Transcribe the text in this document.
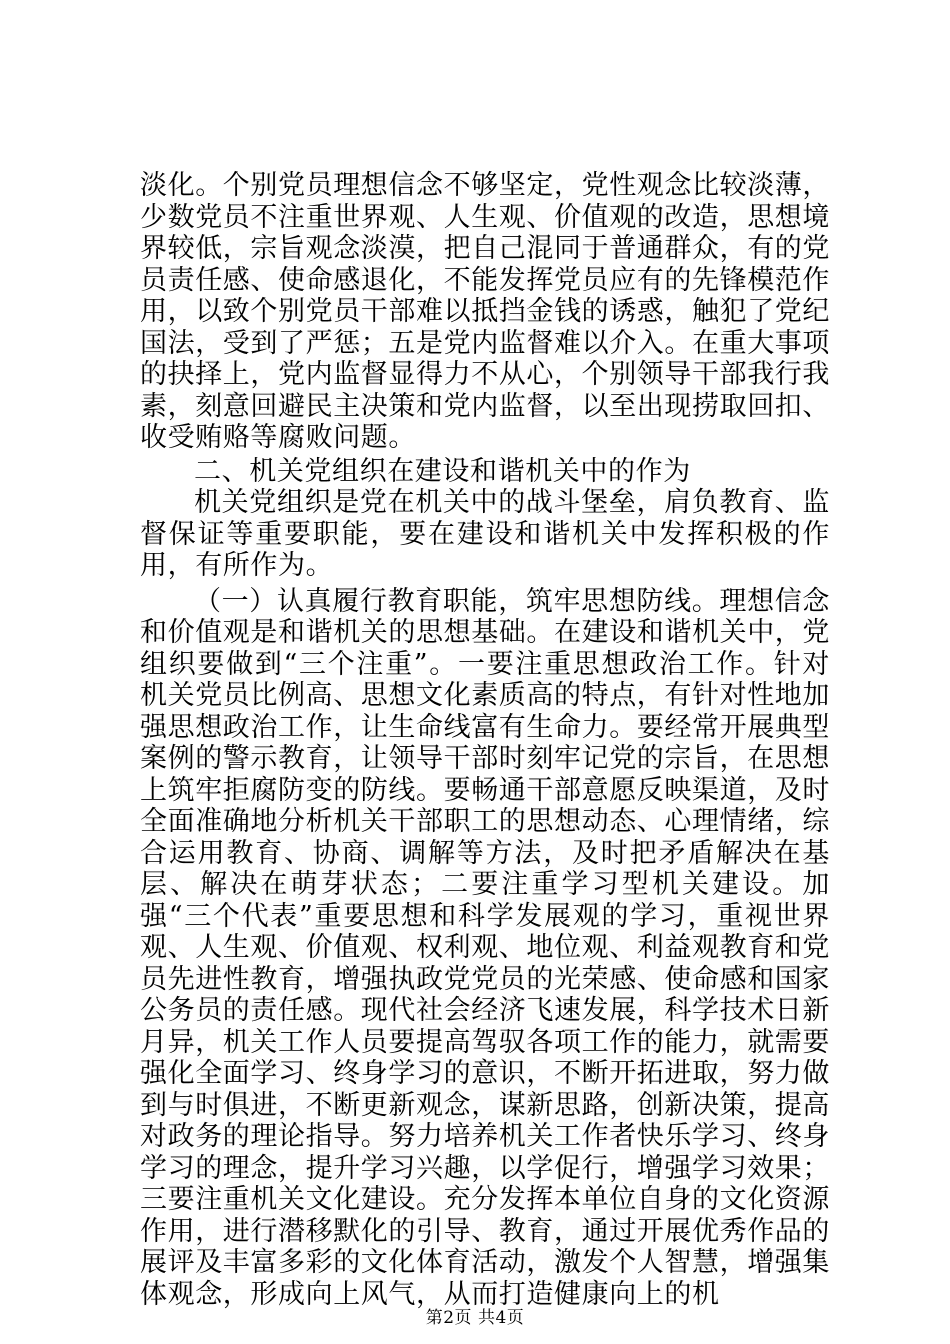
淡化。个别党员理想信念不够坚定，党性观念比较淡薄，少数党员不注重世界观、人生观、价值观的改造，思想境界较低，宗旨观念淡漠，把自己混同于普通群众，有的党员责任感、使命感退化，不能发挥党员应有的先锋模范作用，以致个别党员干部难以抵挡金钱的诱惑，触犯了党纪国法，受到了严惩；五是党内监督难以介入。在重大事项的抉择上，党内监督显得力不从心，个别领导干部我行我素，刻意回避民主决策和党内监督，以至出现捞取回扣、收受贿赂等腐败问题。

二、机关党组织在建设和谐机关中的作为

机关党组织是党在机关中的战斗堡垒，肩负教育、监督保证等重要职能，要在建设和谐机关中发挥积极的作用，有所作为。

（一）认真履行教育职能，筑牢思想防线。理想信念和价值观是和谐机关的思想基础。在建设和谐机关中，党组织要做到“三个注重”。一要注重思想政治工作。针对机关党员比例高、思想文化素质高的特点，有针对性地加强思想政治工作，让生命线富有生命力。要经常开展典型案例的警示教育，让领导干部时刻牢记党的宗旨，在思想上筑牢拒腐防变的防线。要畅通干部意愿反映渠道，及时全面准确地分析机关干部职工的思想动态、心理情绪，综合运用教育、协商、调解等方法，及时把矛盾解决在基层、解决在萌芽状态；二要注重学习型机关建设。加强“三个代表”重要思想和科学发展观的学习，重视世界观、人生观、价值观、权利观、地位观、利益观教育和党员先进性教育，增强执政党党员的光荣感、使命感和国家公务员的责任感。现代社会经济飞速发展，科学技术日新月异，机关工作人员要提高驾驭各项工作的能力，就需要强化全面学习、终身学习的意识，不断开拓进取，努力做到与时俱进，不断更新观念，谋新思路，创新决策，提高对政务的理论指导。努力培养机关工作者快乐学习、终身学习的理念，提升学习兴趣，以学促行，增强学习效果；三要注重机关文化建设。充分发挥本单位自身的文化资源作用，进行潜移默化的引导、教育，通过开展优秀作品的展评及丰富多彩的文化体育活动，激发个人智慧，增强集体观念，形成向上风气，从而打造健康向上的机

第2页 共4页
